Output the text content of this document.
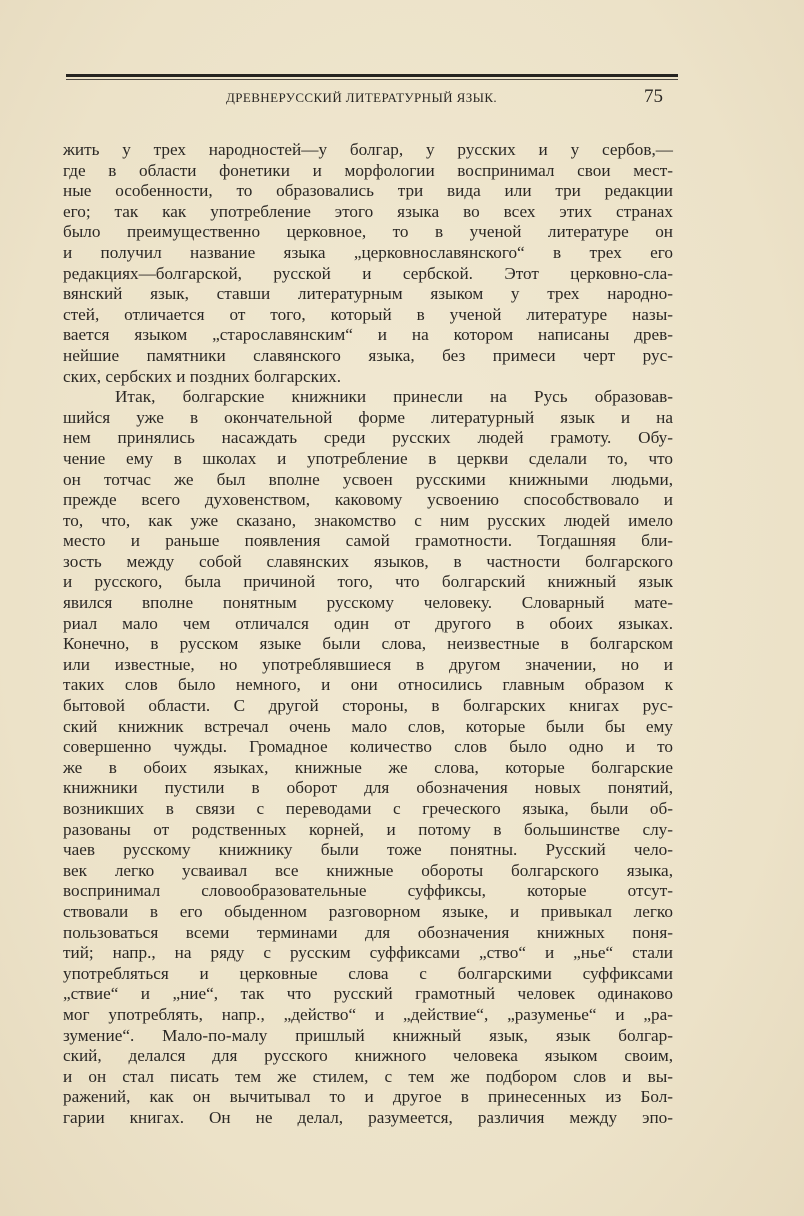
ДРЕВНЕРУССКИЙ ЛИТЕРАТУРНЫЙ ЯЗЫК.	75
жить у трех народностей—у болгар, у русских и у сербов,—
где в области фонетики и морфологии воспринимал свои мест-
ные особенности, то образовались три вида или три редакции
его; так как употребление этого языка во всех этих странах
было преимущественно церковное, то в ученой литературе он
и получил название языка „церковнославянского“ в трех его
редакциях—болгарской, русской и сербской. Этот церковно-сла-
вянский язык, ставши литературным языком у трех народно-
стей, отличается от того, который в ученой литературе назы-
вается языком „старославянским“ и на котором написаны древ-
нейшие памятники славянского языка, без примеси черт рус-
ских, сербских и поздних болгарских.
Итак, болгарские книжники принесли на Русь образовав-
шийся уже в окончательной форме литературный язык и на
нем принялись насаждать среди русских людей грамоту. Обу-
чение ему в школах и употребление в церкви сделали то, что
он тотчас же был вполне усвоен русскими книжными людьми,
прежде всего духовенством, каковому усвоению способствовало и
то, что, как уже сказано, знакомство с ним русских людей имело
место и раньше появления самой грамотности. Тогдашняя бли-
зость между собой славянских языков, в частности болгарского
и русского, была причиной того, что болгарский книжный язык
явился вполне понятным русскому человеку. Словарный мате-
риал мало чем отличался один от другого в обоих языках.
Конечно, в русском языке были слова, неизвестные в болгарском
или известные, но употреблявшиеся в другом значении, но и
таких слов было немного, и они относились главным образом к
бытовой области. С другой стороны, в болгарских книгах рус-
ский книжник встречал очень мало слов, которые были бы ему
совершенно чужды. Громадное количество слов было одно и то
же в обоих языках, книжные же слова, которые болгарские
книжники пустили в оборот для обозначения новых понятий,
возникших в связи с переводами с греческого языка, были об-
разованы от родственных корней, и потому в большинстве слу-
чаев русскому книжнику были тоже понятны. Русский чело-
век легко усваивал все книжные обороты болгарского языка,
воспринимал словообразовательные суффиксы, которые отсут-
ствовали в его обыденном разговорном языке, и привыкал легко
пользоваться всеми терминами для обозначения книжных поня-
тий; напр., на ряду с русским суффиксами „ство“ и „нье“ стали
употребляться и церковные слова с болгарскими суффиксами
„ствие“ и „ние“, так что русский грамотный человек одинаково
мог употреблять, напр., „действо“ и „действие“, „разуменье“ и „ра-
зумение“. Мало-по-малу пришлый книжный язык, язык болгар-
ский, делался для русского книжного человека языком своим,
и он стал писать тем же стилем, с тем же подбором слов и вы-
ражений, как он вычитывал то и другое в принесенных из Бол-
гарии книгах. Он не делал, разумеется, различия между эпо-
